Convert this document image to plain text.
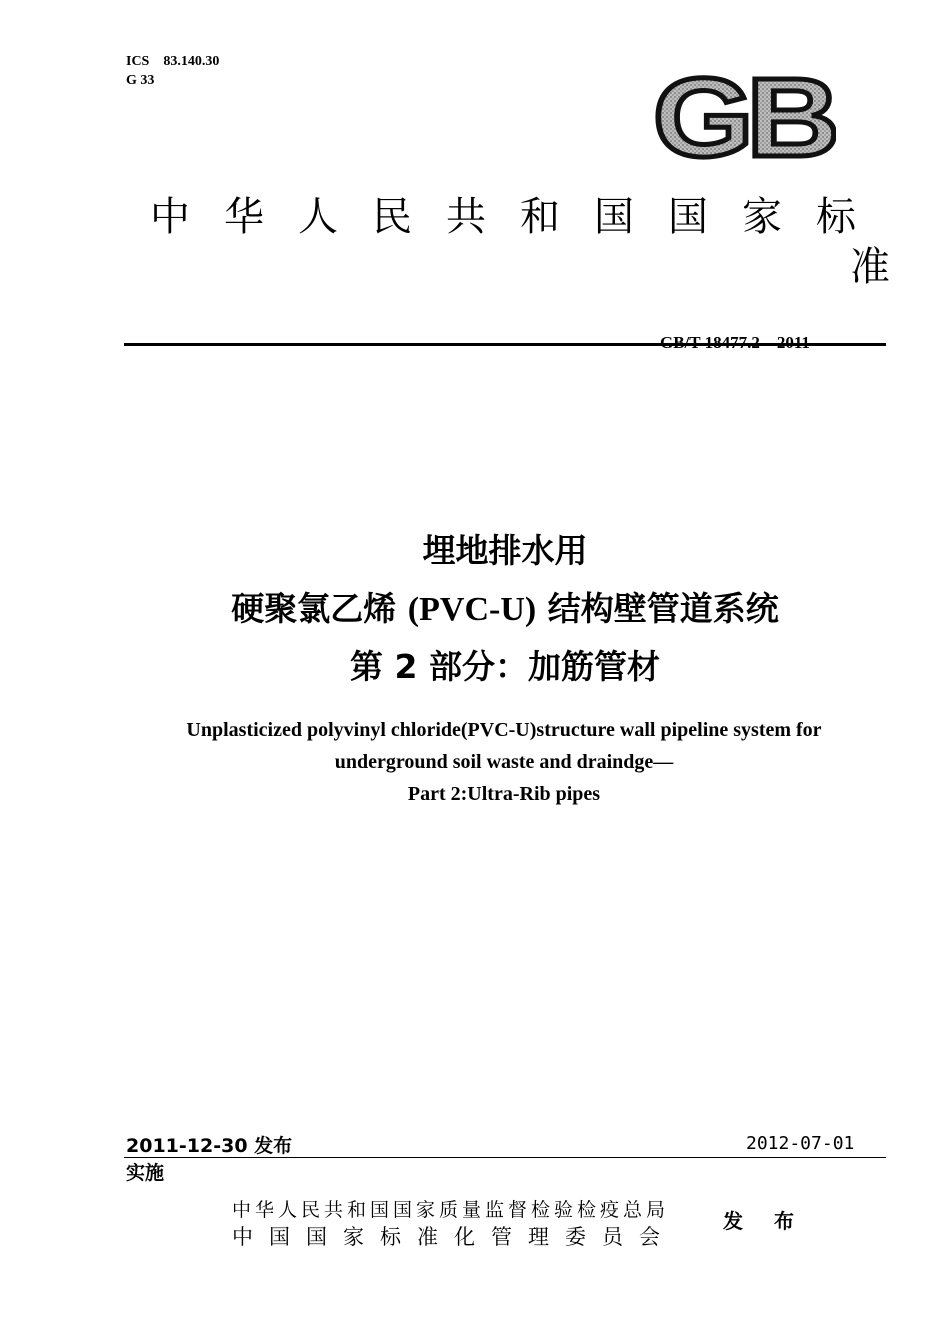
ICS 83.140.30
G 33	GB
中华人民共和国国家标
准
GB/T 18477.2—2011
埋地排水用
硬聚氯乙烯 (PVC-U) 结构壁管道系统
第 2 部分：加筋管材
Unplasticized polyvinyl chloride(PVC-U)structure wall pipeline system for
underground soil waste and draindge—
Part 2:Ultra-Rib pipes
2011-12-30 发布	2012-07-01
实施
中华人民共和国国家质量监督检验检疫总局
中国国家标准化管理委员会
发 布
